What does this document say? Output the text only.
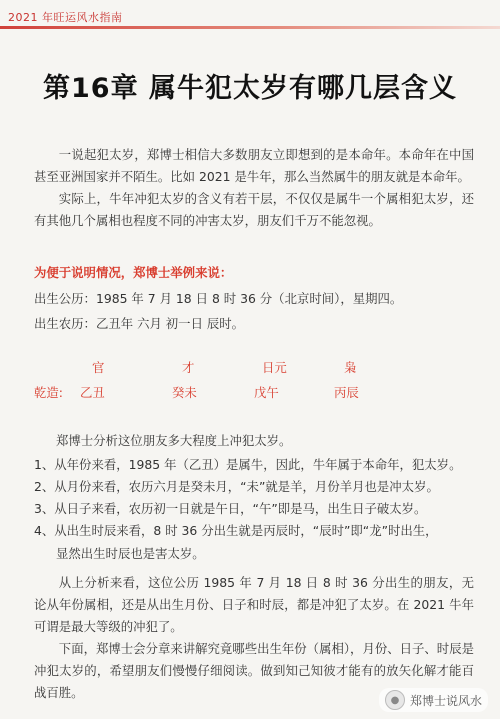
2021 年旺运风水指南
第16章 属牛犯太岁有哪几层含义
一说起犯太岁，郑博士相信大多数朋友立即想到的是本命年。本命年在中国甚至亚洲国家并不陌生。比如 2021 是牛年，那么当然属牛的朋友就是本命年。
实际上，牛年冲犯太岁的含义有若干层，不仅仅是属牛一个属相犯太岁，还有其他几个属相也程度不同的冲害太岁，朋友们千万不能忽视。
为便于说明情况，郑博士举例来说：
出生公历：1985 年 7 月 18 日 8 时 36 分（北京时间），星期四。
出生农历：乙丑年 六月 初一日 辰时。
官	才	日元	枭
乾造: 乙丑	癸未	戊午	丙辰
郑博士分析这位朋友多大程度上冲犯太岁。
1、从年份来看，1985 年（乙丑）是属牛，因此，牛年属于本命年，犯太岁。
2、从月份来看，农历六月是癸未月，“未”就是羊，月份羊月也是冲太岁。
3、从日子来看，农历初一日就是午日，“午”即是马，出生日子破太岁。
4、从出生时辰来看，8 时 36 分出生就是丙辰时，“辰时”即“龙”时出生，
显然出生时辰也是害太岁。
从上分析来看，这位公历 1985 年 7 月 18 日 8 时 36 分出生的朋友，无论从年份属相，还是从出生月份、日子和时辰，都是冲犯了太岁。在 2021 牛年可谓是最大等级的冲犯了。
下面，郑博士会分章来讲解究竟哪些出生年份（属相），月份、日子、时辰是冲犯太岁的，希望朋友们慢慢仔细阅读。做到知己知彼才能有的放矢化解才能百战百胜。	● 郑博士说风水
